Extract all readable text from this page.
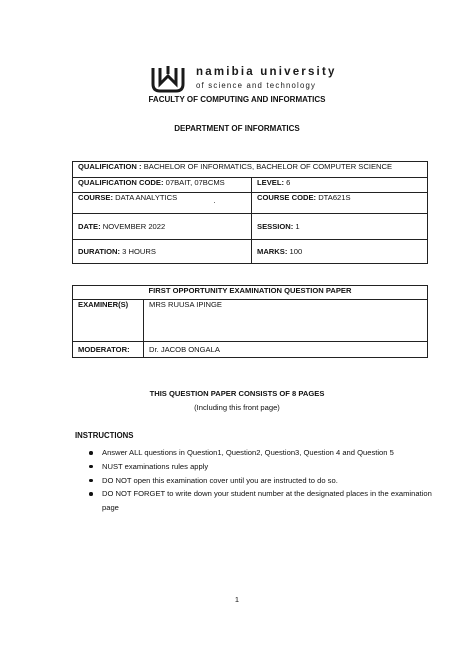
namibia university
of science and technology
FACULTY OF COMPUTING AND INFORMATICS
DEPARTMENT OF INFORMATICS
QUALIFICATION : BACHELOR OF INFORMATICS, BACHELOR OF COMPUTER SCIENCE	
QUALIFICATION CODE: 07BAIT, 07BCMS	LEVEL: 6
COURSE: DATA ANALYTICS	COURSE CODE: DTA621S
DATE: NOVEMBER 2022	SESSION: 1
DURATION: 3 HOURS	MARKS: 100
FIRST OPPORTUNITY EXAMINATION QUESTION PAPER	
EXAMINER(S)	MRS RUUSA IPINGE
MODERATOR:	Dr. JACOB ONGALA
THIS QUESTION PAPER CONSISTS OF 8 PAGES
(Including this front page)
INSTRUCTIONS
Answer ALL questions in Question1, Question2, Question3, Question 4 and Question 5
NUST examinations rules apply
DO NOT open this examination cover until you are instructed to do so.
DO NOT FORGET to write down your student number at the designated places in the examination page
1
